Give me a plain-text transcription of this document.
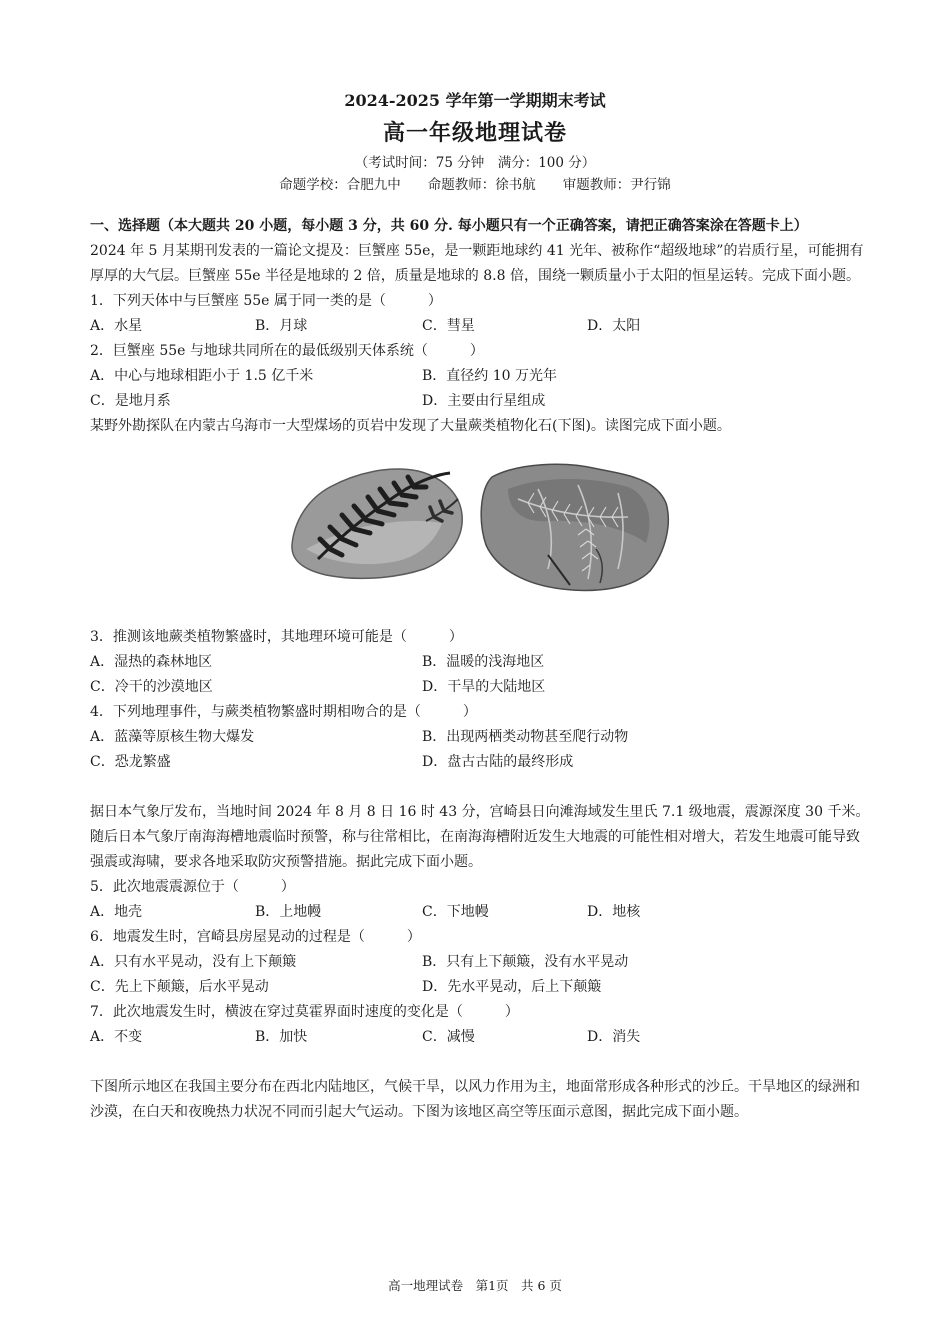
2024-2025 学年第一学期期末考试
高一年级地理试卷
（考试时间：75 分钟　满分：100 分）
命题学校：合肥九中　　命题教师：徐书航　　审题教师：尹行锦

一、选择题（本大题共 20 小题，每小题 3 分，共 60 分. 每小题只有一个正确答案，请把正确答案涂在答题卡上）

2024 年 5 月某期刊发表的一篇论文提及：巨蟹座 55e，是一颗距地球约 41 光年、被称作“超级地球”的岩质行星，可能拥有厚厚的大气层。巨蟹座 55e 半径是地球的 2 倍，质量是地球的 8.8 倍，围绕一颗质量小于太阳的恒星运转。完成下面小题。

1．下列天体中与巨蟹座 55e 属于同一类的是（　　　）

A．水星	B．月球	C．彗星	D．太阳

2．巨蟹座 55e 与地球共同所在的最低级别天体系统（　　　）

A．中心与地球相距小于 1.5 亿千米	B．直径约 10 万光年
C．是地月系	D．主要由行星组成

某野外勘探队在内蒙古乌海市一大型煤场的页岩中发现了大量蕨类植物化石(下图)。读图完成下面小题。

3．推测该地蕨类植物繁盛时，其地理环境可能是（　　　）

A．湿热的森林地区	B．温暖的浅海地区
C．冷干的沙漠地区	D．干旱的大陆地区

4．下列地理事件，与蕨类植物繁盛时期相吻合的是（　　　）

A．蓝藻等原核生物大爆发	B．出现两栖类动物甚至爬行动物
C．恐龙繁盛	D．盘古古陆的最终形成

据日本气象厅发布，当地时间 2024 年 8 月 8 日 16 时 43 分，宫崎县日向滩海域发生里氏 7.1 级地震，震源深度 30 千米。随后日本气象厅南海海槽地震临时预警，称与往常相比，在南海海槽附近发生大地震的可能性相对增大，若发生地震可能导致强震或海啸，要求各地采取防灾预警措施。据此完成下面小题。

5．此次地震震源位于（　　　）

A．地壳	B．上地幔	C．下地幔	D．地核

6．地震发生时，宫崎县房屋晃动的过程是（　　　）

A．只有水平晃动，没有上下颠簸	B．只有上下颠簸，没有水平晃动
C．先上下颠簸，后水平晃动	D．先水平晃动，后上下颠簸

7．此次地震发生时，横波在穿过莫霍界面时速度的变化是（　　　）

A．不变	B．加快	C．减慢	D．消失

下图所示地区在我国主要分布在西北内陆地区，气候干旱，以风力作用为主，地面常形成各种形式的沙丘。干旱地区的绿洲和沙漠，在白天和夜晚热力状况不同而引起大气运动。下图为该地区高空等压面示意图，据此完成下面小题。

高一地理试卷　第1页　共 6 页
